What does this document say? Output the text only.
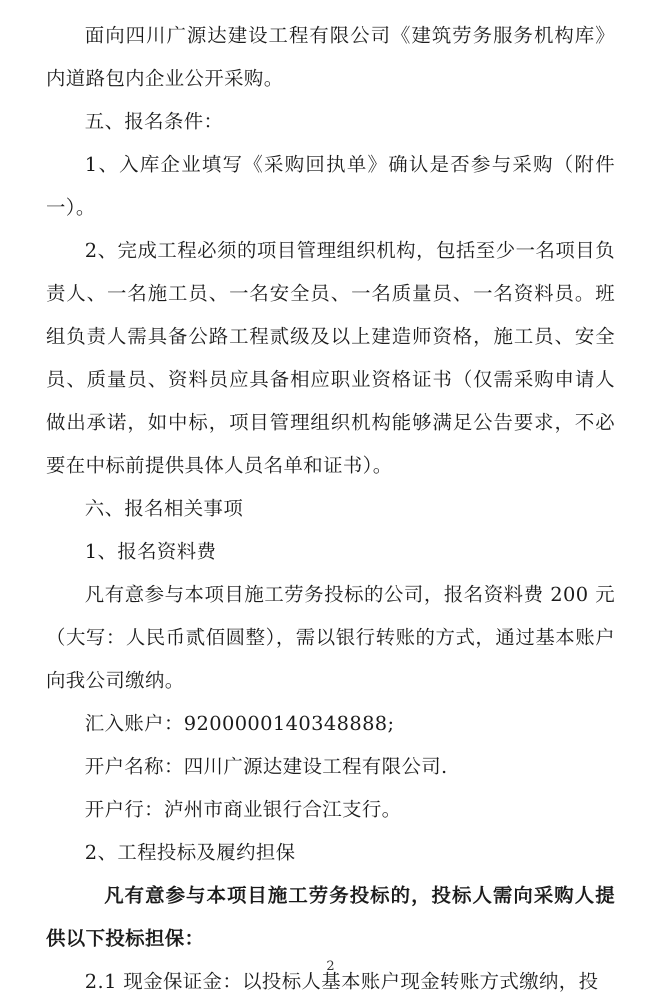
面向四川广源达建设工程有限公司《建筑劳务服务机构库》内道路包内企业公开采购。

五、报名条件：

1、入库企业填写《采购回执单》确认是否参与采购（附件一）。

2、完成工程必须的项目管理组织机构，包括至少一名项目负责人、一名施工员、一名安全员、一名质量员、一名资料员。班组负责人需具备公路工程贰级及以上建造师资格，施工员、安全员、质量员、资料员应具备相应职业资格证书（仅需采购申请人做出承诺，如中标，项目管理组织机构能够满足公告要求，不必要在中标前提供具体人员名单和证书）。

六、报名相关事项

1、报名资料费

凡有意参与本项目施工劳务投标的公司，报名资料费 200 元（大写：人民币贰佰圆整），需以银行转账的方式，通过基本账户向我公司缴纳。

汇入账户：9200000140348888;

开户名称：四川广源达建设工程有限公司.

开户行：泸州市商业银行合江支行。

2、工程投标及履约担保

凡有意参与本项目施工劳务投标的，投标人需向采购人提供以下投标担保：

2.1 现金保证金：以投标人基本账户现金转账方式缴纳，投

2
